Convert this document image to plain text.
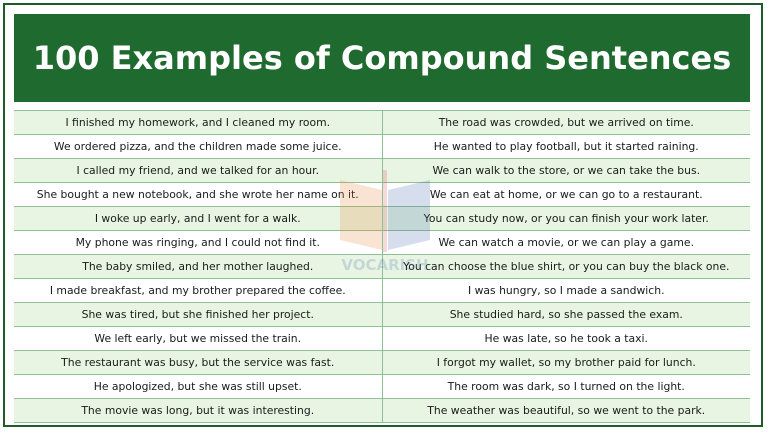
100 Examples of Compound Sentences
I finished my homework, and I cleaned my room.	The road was crowded, but we arrived on time.
We ordered pizza, and the children made some juice.	He wanted to play football, but it started raining.
I called my friend, and we talked for an hour.	We can walk to the store, or we can take the bus.
She bought a new notebook, and she wrote her name on it.	We can eat at home, or we can go to a restaurant.
I woke up early, and I went for a walk.	You can study now, or you can finish your work later.
My phone was ringing, and I could not find it.	We can watch a movie, or we can play a game.
The baby smiled, and her mother laughed.	You can choose the blue shirt, or you can buy the black one.
I made breakfast, and my brother prepared the coffee.	I was hungry, so I made a sandwich.
She was tired, but she finished her project.	She studied hard, so she passed the exam.
We left early, but we missed the train.	He was late, so he took a taxi.
The restaurant was busy, but the service was fast.	I forgot my wallet, so my brother paid for lunch.
He apologized, but she was still upset.	The room was dark, so I turned on the light.
The movie was long, but it was interesting.	The weather was beautiful, so we went to the park.
VOCARISH
